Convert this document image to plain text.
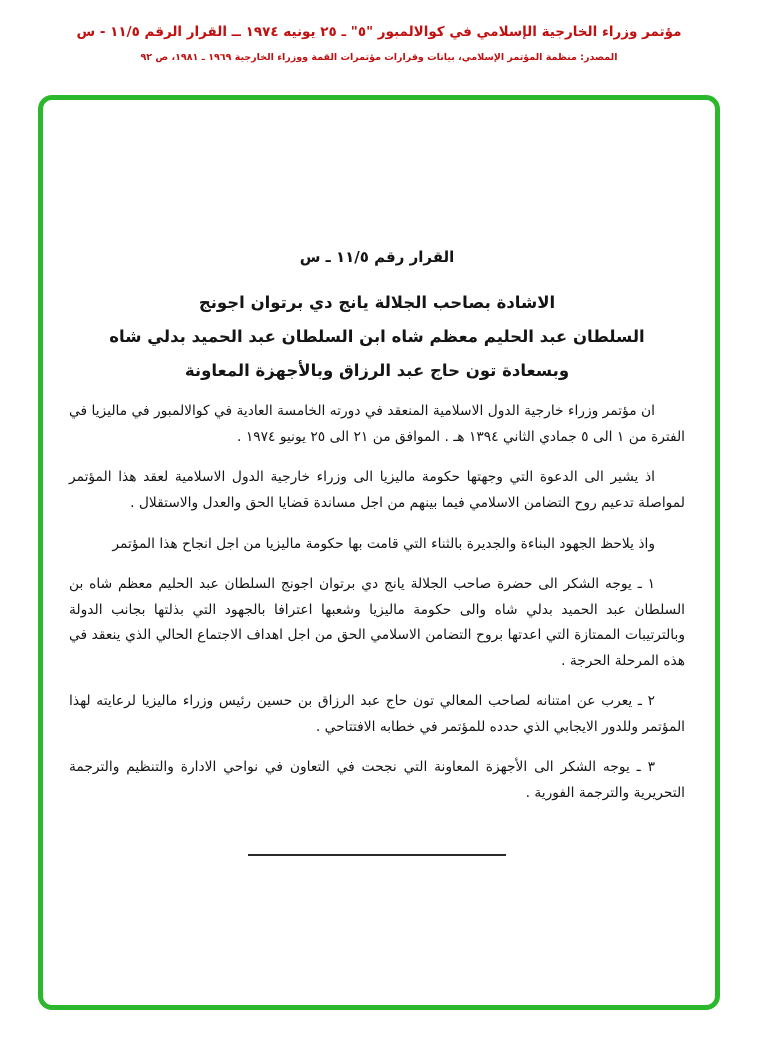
مؤتمر وزراء الخارجية الإسلامي في كوالالمبور "٥" ـ ٢٥ يونيه ١٩٧٤ ــ القرار الرقم ١١/٥ - س
المصدر: منظمة المؤتمر الإسلامي، بيانات وقرارات مؤتمرات القمة ووزراء الخارجية ١٩٦٩ ـ ١٩٨١، ص ٩٢
القرار رقم ١١/٥ ـ س
الاشادة بصاحب الجلالة يانج دي برتوان اجونج
السلطان عبد الحليم معظم شاه ابن السلطان عبد الحميد بدلي شاه
وبسعادة تون حاج عبد الرزاق وبالأجهزة المعاونة

ان مؤتمر وزراء خارجية الدول الاسلامية المنعقد في دورته الخامسة العادية في كوالالمبور في ماليزيا في الفترة من ١ الى ٥ جمادي الثاني ١٣٩٤ هـ . الموافق من ٢١ الى ٢٥ يونيو ١٩٧٤ .

اذ يشير الى الدعوة التي وجهتها حكومة ماليزيا الى وزراء خارجية الدول الاسلامية لعقد هذا المؤتمر لمواصلة تدعيم روح التضامن الاسلامي فيما بينهم من اجل مساندة قضايا الحق والعدل والاستقلال .

واذ يلاحظ الجهود البناءة والجديرة بالثناء التي قامت بها حكومة ماليزيا من اجل انجاح هذا المؤتمر

١ ـ يوجه الشكر الى حضرة صاحب الجلالة يانج دي برتوان اجونج السلطان عبد الحليم معظم شاه بن السلطان عبد الحميد بدلي شاه والى حكومة ماليزيا وشعبها اعترافا بالجهود التي بذلتها بجانب الدولة وبالترتيبات الممتازة التي اعدتها بروح التضامن الاسلامي الحق من اجل اهداف الاجتماع الحالي الذي ينعقد في هذه المرحلة الحرجة .

٢ ـ يعرب عن امتنانه لصاحب المعالي تون حاج عبد الرزاق بن حسين رئيس وزراء ماليزيا لرعايته لهذا المؤتمر وللدور الايجابي الذي حدده للمؤتمر في خطابه الافتتاحي .

٣ ـ يوجه الشكر الى الأجهزة المعاونة التي نجحت في التعاون في نواحي الادارة والتنظيم والترجمة التحريرية والترجمة الفورية .
